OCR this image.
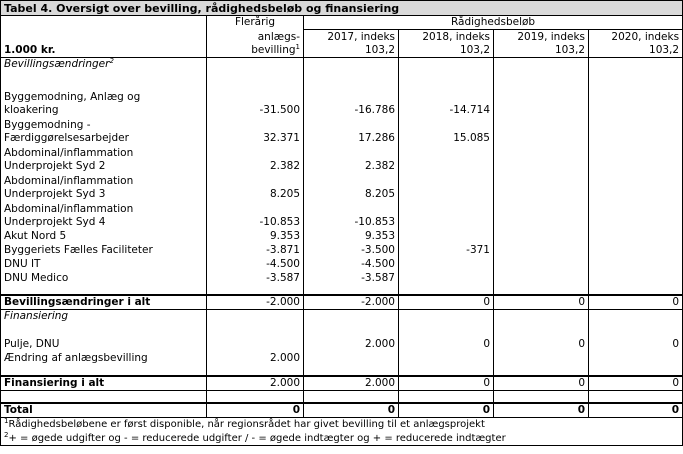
Tabel 4. Oversigt over bevilling, rådighedsbeløb og finansiering					
	Flerårig	Rådighedsbeløb			
	anlægs-	2017, indeks	2018, indeks	2019, indeks	2020, indeks
1.000 kr.	bevilling$^1$	103,2	103,2	103,2	103,2
Bevillingsændringer$^2$					

Byggemodning, Anlæg og
kloakering	-31.500	-16.786	-14.714		

Byggemodning -
Færdiggørelsesarbejder	32.371	17.286	15.085		

Abdominal/inflammation
Underprojekt Syd 2	2.382	2.382			

Abdominal/inflammation
Underprojekt Syd 3	8.205	8.205			

Abdominal/inflammation
Underprojekt Syd 4	-10.853	-10.853			
Akut Nord 5	9.353	9.353			
Byggeriets Fælles Faciliteter	-3.871	-3.500	-371		
DNU IT	-4.500	-4.500			
DNU Medico	-3.587	-3.587			

Bevillingsændringer i alt	-2.000	-2.000	0	0	0
Finansiering					

Pulje, DNU		2.000	0	0	0
Ændring af anlægsbevilling	2.000				

Finansiering i alt	2.000	2.000	0	0	0

Total	0	0	0	0	0
$^1$Rådighedsbeløbene er først disponible, når regionsrådet har givet bevilling til et anlægsprojekt					
$^2$+ = øgede udgifter og - = reducerede udgifter / - = øgede indtægter og + = reducerede indtægter					
